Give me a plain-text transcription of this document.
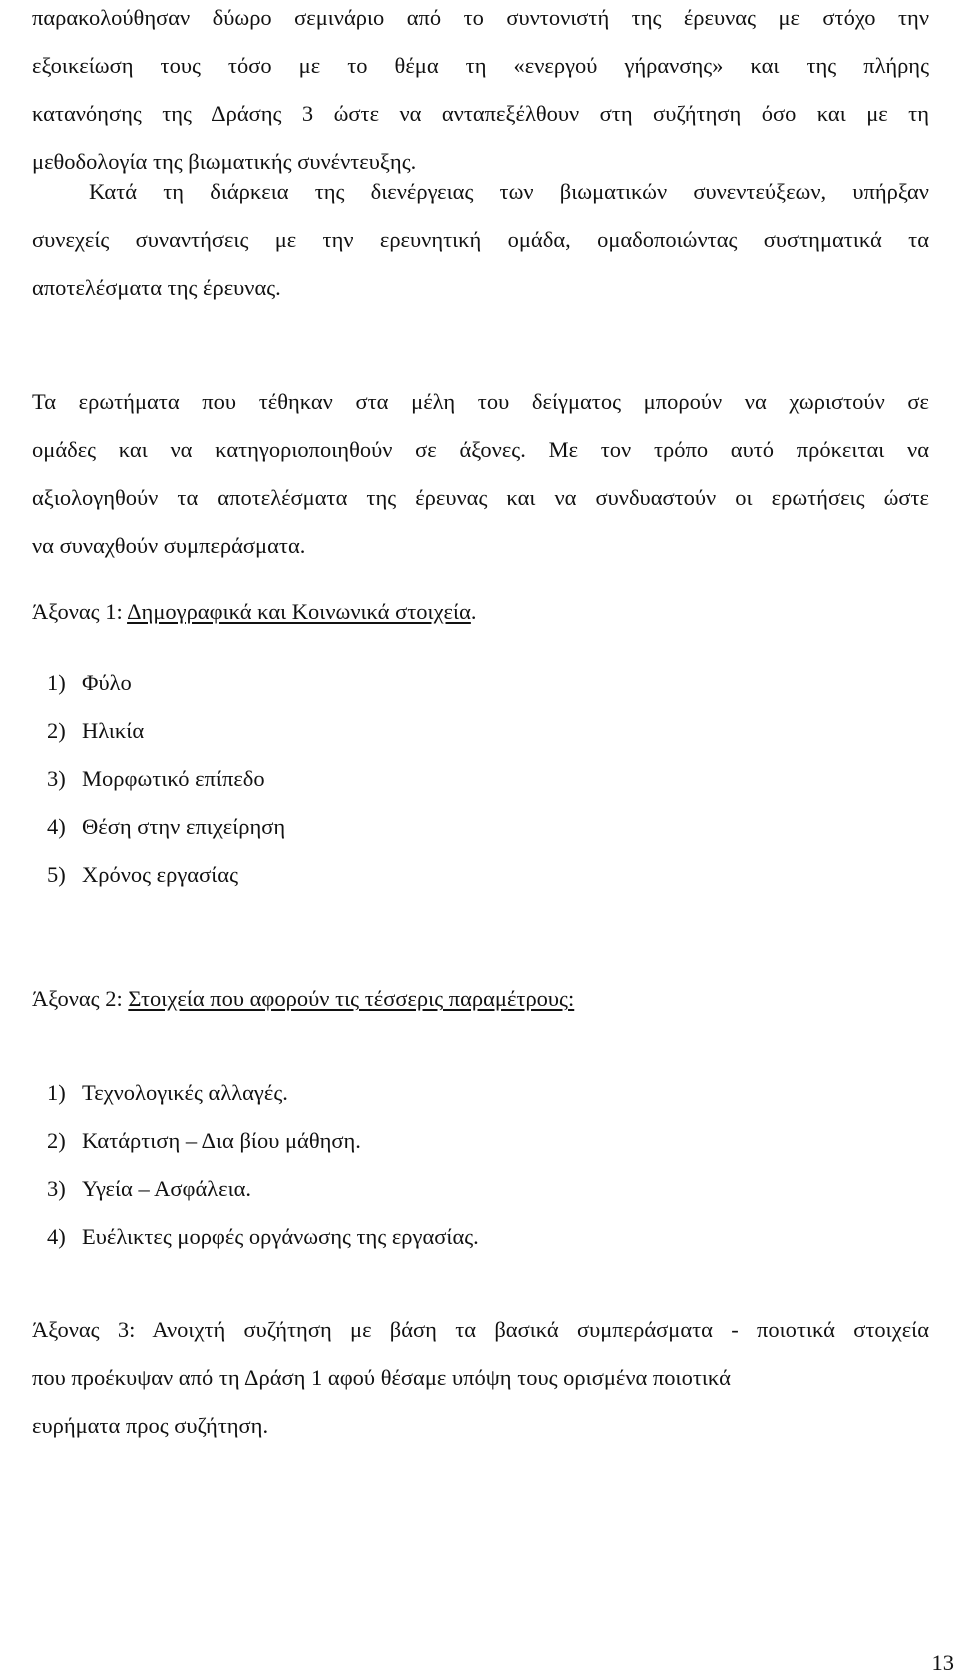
παρακολούθησαν δύωρο σεμινάριο από το συντονιστή της έρευνας με στόχο την
εξοικείωση τους τόσο με το θέμα τη «ενεργού γήρανσης» και της πλήρης
κατανόησης της Δράσης 3 ώστε να ανταπεξέλθουν στη συζήτηση όσο και με τη
μεθοδολογία της βιωματικής συνέντευξης.

Κατά τη διάρκεια της διενέργειας των βιωματικών συνεντεύξεων, υπήρξαν
συνεχείς συναντήσεις με την ερευνητική ομάδα, ομαδοποιώντας συστηματικά τα
αποτελέσματα της έρευνας.

Τα ερωτήματα που τέθηκαν στα μέλη του δείγματος μπορούν να χωριστούν σε
ομάδες και να κατηγοριοποιηθούν σε άξονες. Με τον τρόπο αυτό πρόκειται να
αξιολογηθούν τα αποτελέσματα της έρευνας και να συνδυαστούν οι ερωτήσεις ώστε
να συναχθούν συμπεράσματα.

Άξονας 1: Δημογραφικά και Κοινωνικά στοιχεία.

1) Φύλο
2) Ηλικία
3) Μορφωτικό επίπεδο
4) Θέση στην επιχείρηση
5) Χρόνος εργασίας

Άξονας 2: Στοιχεία που αφορούν τις τέσσερις παραμέτρους:

1) Τεχνολογικές αλλαγές.
2) Κατάρτιση – Δια βίου μάθηση.
3) Υγεία – Ασφάλεια.
4) Ευέλικτες μορφές οργάνωσης της εργασίας.

Άξονας 3: Ανοιχτή συζήτηση με βάση τα βασικά συμπεράσματα - ποιοτικά στοιχεία
που προέκυψαν από τη Δράση 1 αφού θέσαμε υπόψη τους ορισμένα ποιοτικά
ευρήματα προς συζήτηση.

13
